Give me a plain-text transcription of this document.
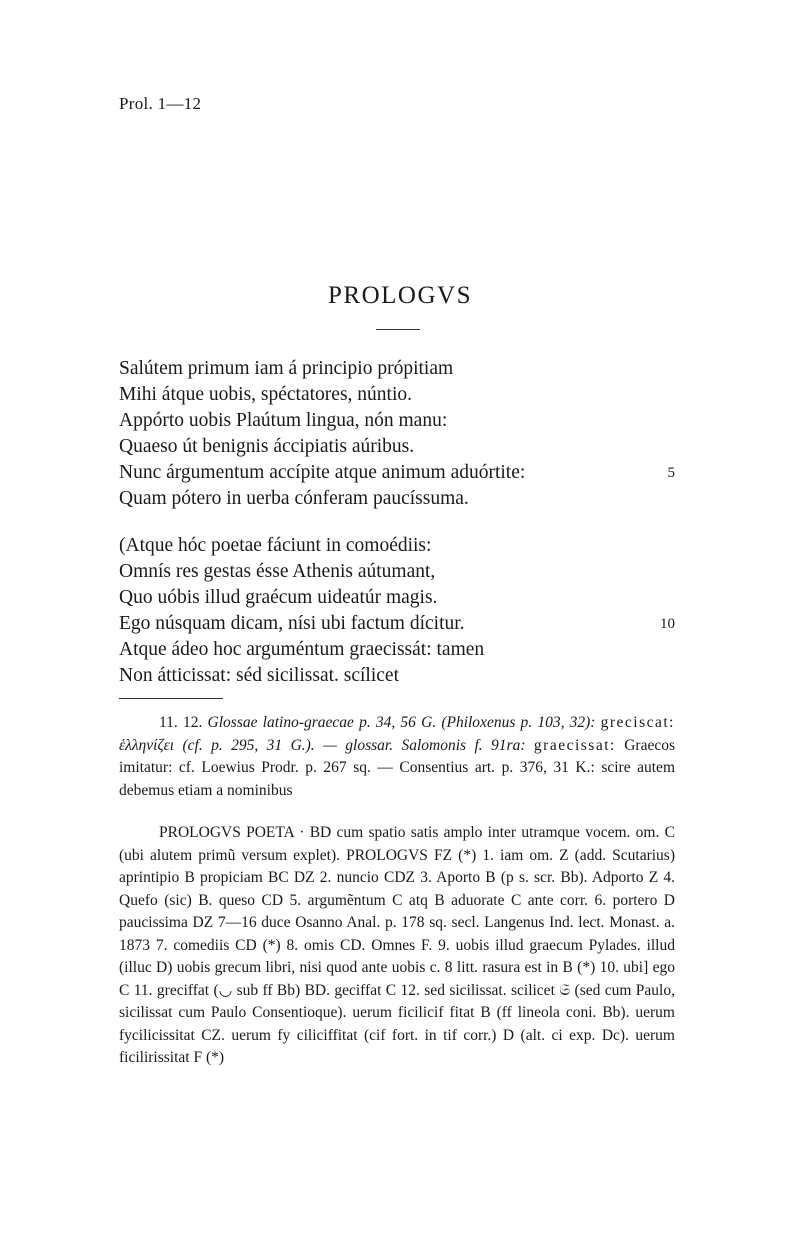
Prol. 1—12
PROLOGVS
Salútem primum iam á principio própitiam
Mihi átque uobis, spéctatores, núntio.
Appórto uobis Plaútum lingua, nón manu:
Quaeso út benignis áccipiatis aúribus.
Nunc árgumentum accípite atque animum aduórtite:	5
Quam pótero in uerba cónferam paucíssuma.
(Atque hóc poetae fáciunt in comoédiis:
Omnís res gestas ésse Athenis aútumant,
Quo uóbis illud graécum uideatúr magis.
Ego núsquam dicam, nísi ubi factum dícitur.	10
Atque ádeo hoc arguméntum graecissát: tamen
Non átticissat: séd sicilissat. scílicet

11. 12. Glossae latino-graecae p. 34, 56 G. (Philoxenus p. 103, 32): greciscat: ἑλληνίζει (cf. p. 295, 31 G.). — glossar. Salomonis f. 91ra: graecissat: Graecos imitatur: cf. Loewius Prodr. p. 267 sq. — Consentius art. p. 376, 31 K.: scire autem debemus etiam a nominibus

PROLOGVS POETA · BD cum spatio satis amplo inter utramque vocem. om. C (ubi alutem primũ versum explet). PROLOGVS FZ (*) 1. iam om. Z (add. Scutarius) aprintipio B propiciam BC DZ 2. nuncio CDZ 3. Aporto B (p s. scr. Bb). Adporto Z 4. Quefo (sic) B. queso CD 5. argumẽntum C atq B aduorate C ante corr. 6. portero D paucissima DZ 7—16 duce Osanno Anal. p. 178 sq. secl. Langenus Ind. lect. Monast. a. 1873 7. comediis CD (*) 8. omis CD. Omnes F. 9. uobis illud graecum Pylades. illud (illuc D) uobis grecum libri, nisi quod ante uobis c. 8 litt. rasura est in B (*) 10. ubi] ego C 11. greciffat (◡ sub ff Bb) BD. geciffat C 12. sed sicilissat. scilicet 𝔖 (sed cum Paulo, sicilissat cum Paulo Consentioque). uerum ficilicif fitat B (ff lineola coni. Bb). uerum fycilicissitat CZ. uerum fy ciliciffitat (cif fort. in tif corr.) D (alt. ci exp. Dc). uerum ficilirissitat F (*)
